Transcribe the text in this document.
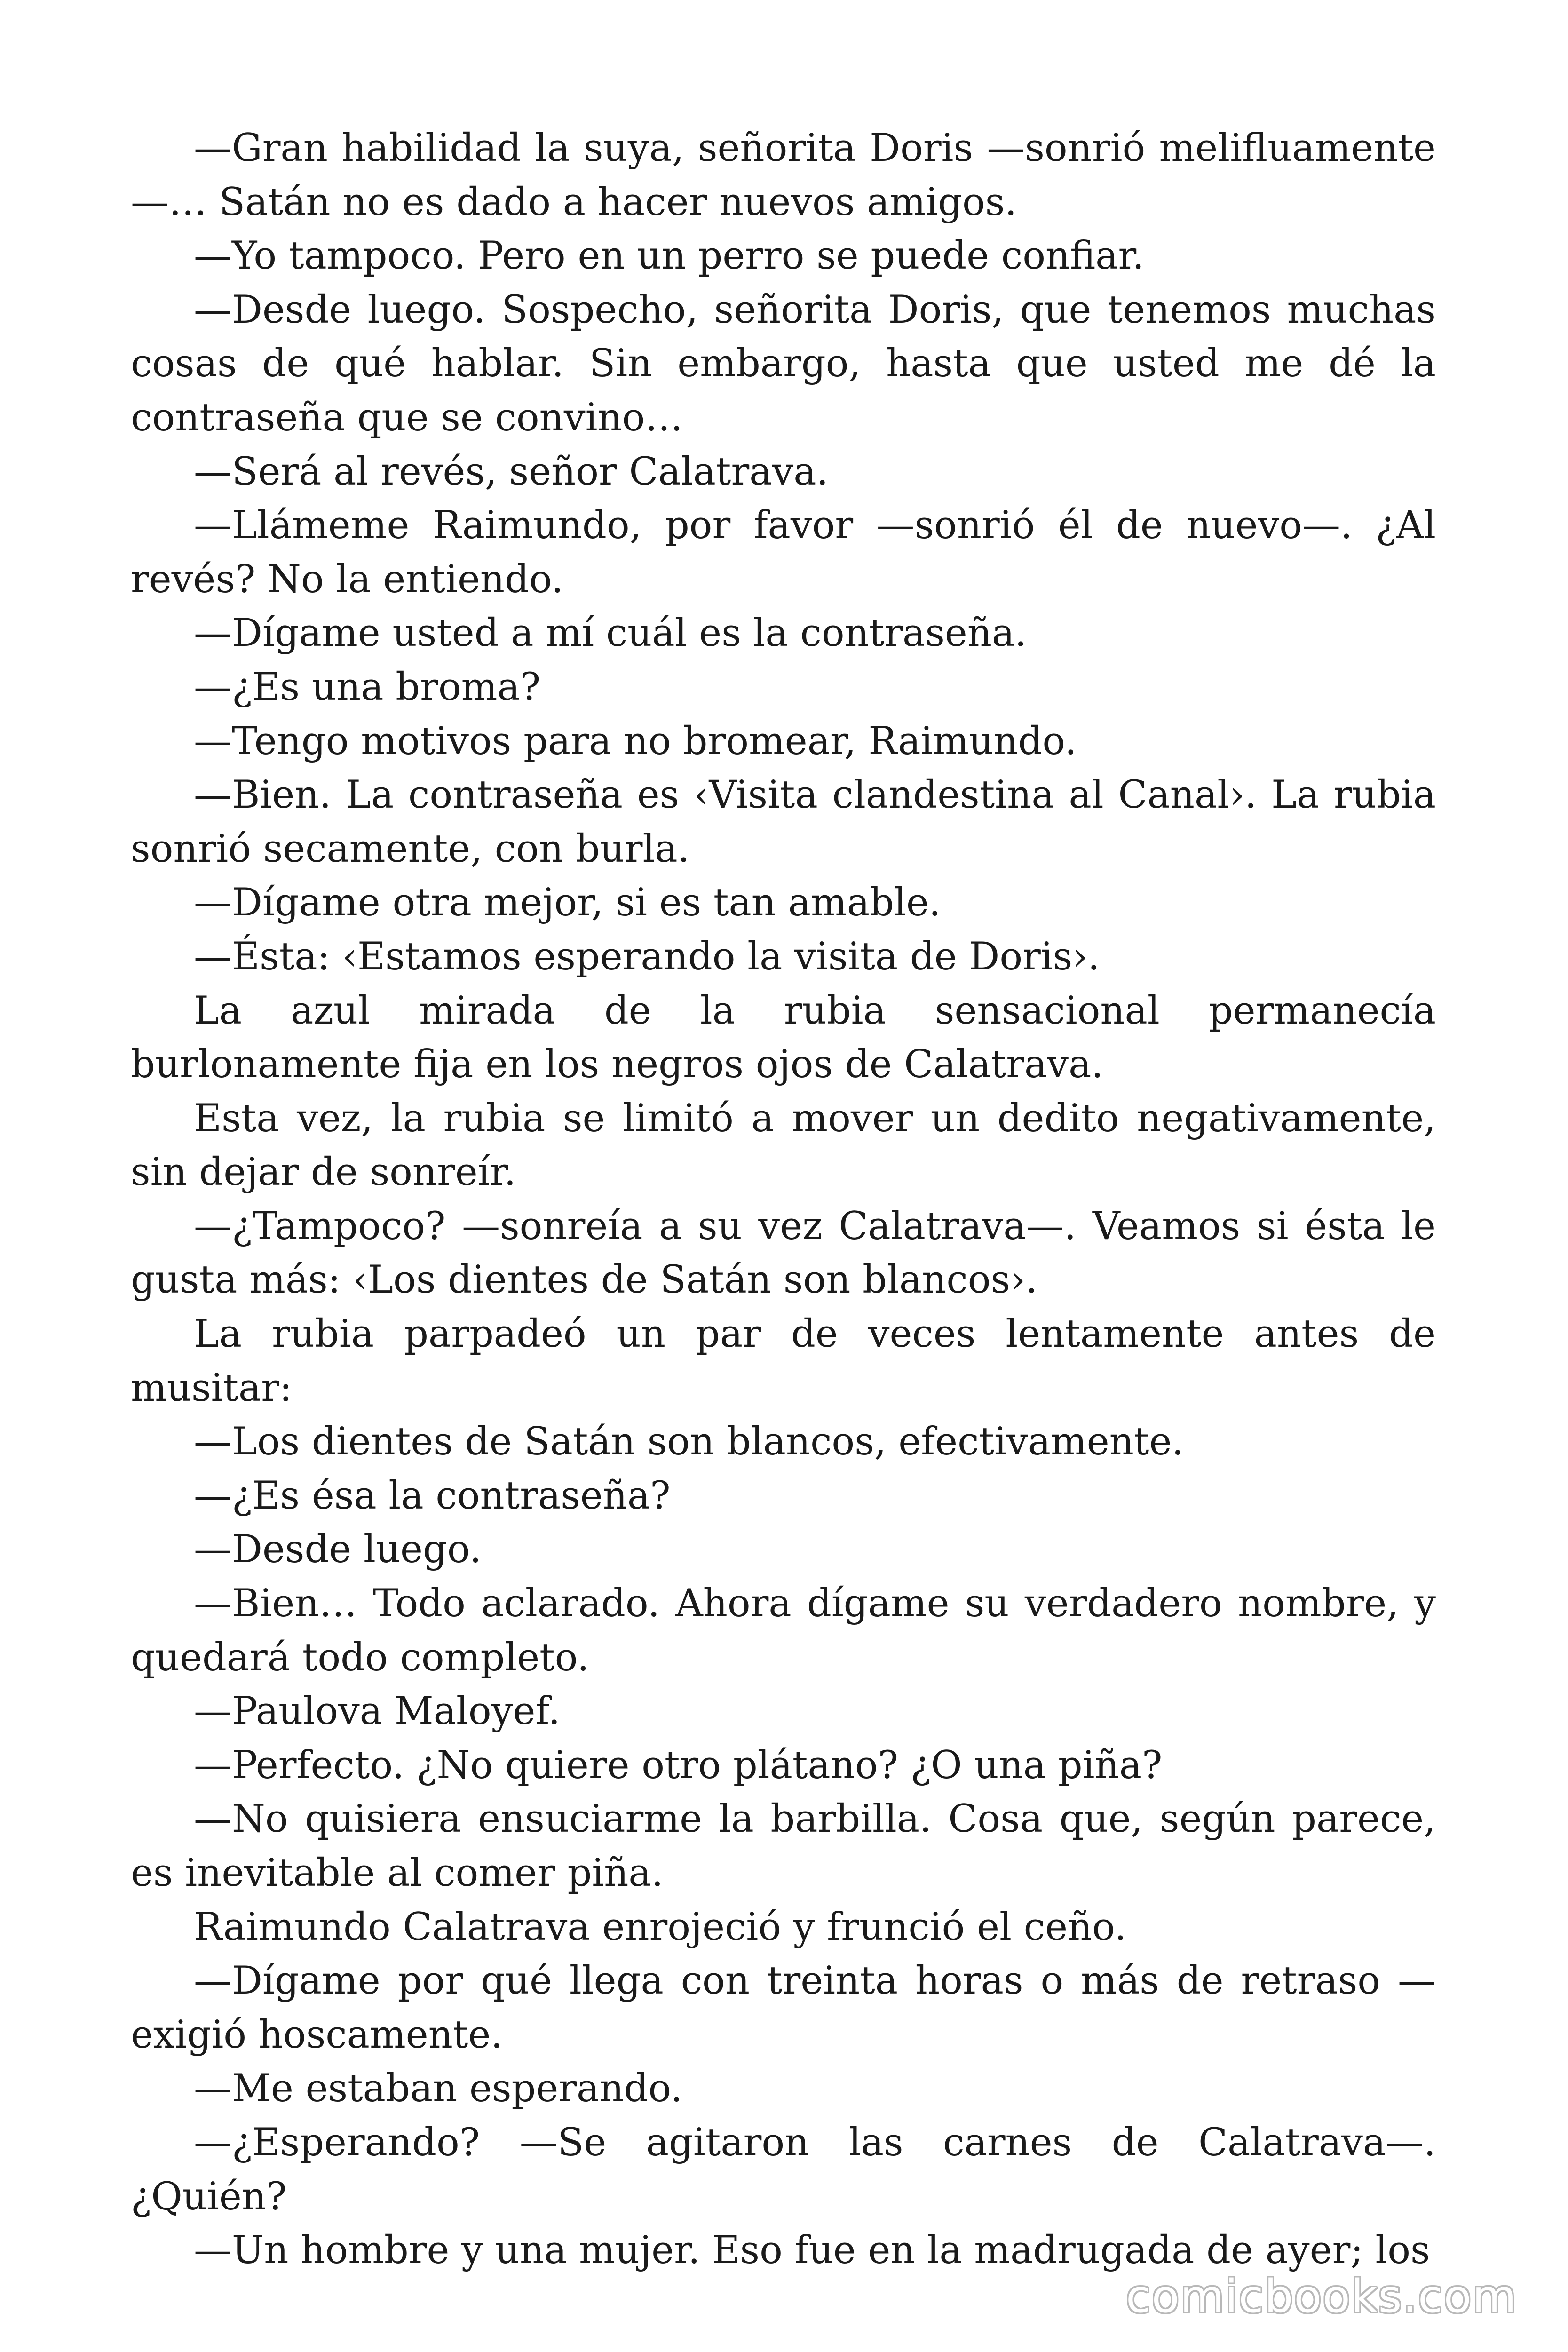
—Gran habilidad la suya, señorita Doris —sonrió melifluamente —… Satán no es dado a hacer nuevos amigos.

—Yo tampoco. Pero en un perro se puede confiar.

—Desde luego. Sospecho, señorita Doris, que tenemos muchas cosas de qué hablar. Sin embargo, hasta que usted me dé la contraseña que se convino…

—Será al revés, señor Calatrava.

—Llámeme Raimundo, por favor —sonrió él de nuevo—. ¿Al revés? No la entiendo.

—Dígame usted a mí cuál es la contraseña.

—¿Es una broma?

—Tengo motivos para no bromear, Raimundo.

—Bien. La contraseña es ‹Visita clandestina al Canal›. La rubia sonrió secamente, con burla.

—Dígame otra mejor, si es tan amable.

—Ésta: ‹Estamos esperando la visita de Doris›.

La azul mirada de la rubia sensacional permanecía burlonamente fija en los negros ojos de Calatrava.

Esta vez, la rubia se limitó a mover un dedito negativamente, sin dejar de sonreír.

—¿Tampoco? —sonreía a su vez Calatrava—. Veamos si ésta le gusta más: ‹Los dientes de Satán son blancos›.

La rubia parpadeó un par de veces lentamente antes de musitar:

—Los dientes de Satán son blancos, efectivamente.

—¿Es ésa la contraseña?

—Desde luego.

—Bien… Todo aclarado. Ahora dígame su verdadero nombre, y quedará todo completo.

—Paulova Maloyef.

—Perfecto. ¿No quiere otro plátano? ¿O una piña?

—No quisiera ensuciarme la barbilla. Cosa que, según parece, es inevitable al comer piña.

Raimundo Calatrava enrojeció y frunció el ceño.

—Dígame por qué llega con treinta horas o más de retraso — exigió hoscamente.

—Me estaban esperando.

—¿Esperando? —Se agitaron las carnes de Calatrava—. ¿Quién?

—Un hombre y una mujer. Eso fue en la madrugada de ayer; los

comicbooks.com
